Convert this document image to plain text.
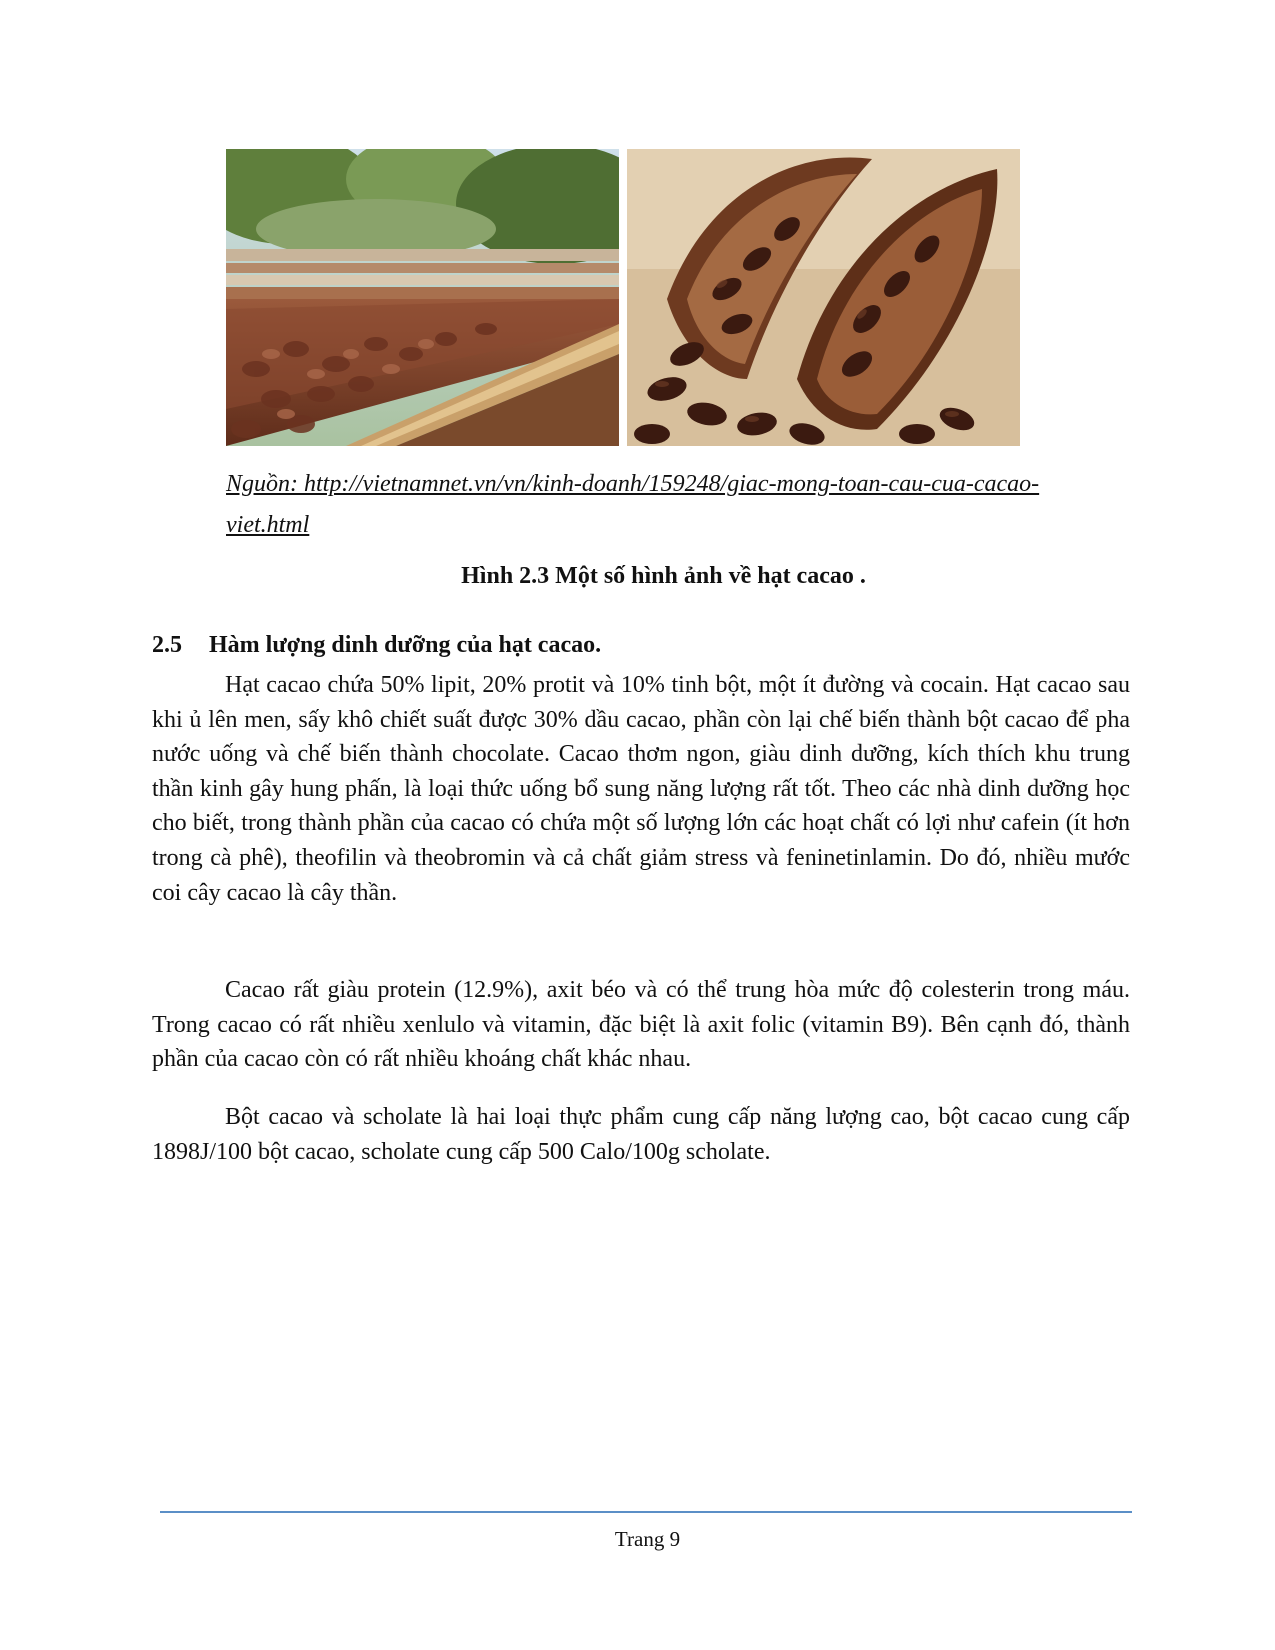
Nguồn: http://vietnamnet.vn/vn/kinh-doanh/159248/giac-mong-toan-cau-cua-cacao-viet.html
Hình 2.3 Một số hình ảnh về hạt cacao .
2.5 Hàm lượng dinh dưỡng của hạt cacao.

Hạt cacao chứa 50% lipit, 20% protit và 10% tinh bột, một ít đường và cocain. Hạt cacao sau khi ủ lên men, sấy khô chiết suất được 30% dầu cacao, phần còn lại chế biến thành bột cacao để pha nước uống và chế biến thành chocolate. Cacao thơm ngon, giàu dinh dưỡng, kích thích khu trung thần kinh gây hung phấn, là loại thức uống bổ sung năng lượng rất tốt. Theo các nhà dinh dưỡng học cho biết, trong thành phần của cacao có chứa một số lượng lớn các hoạt chất có lợi như cafein (ít hơn trong cà phê), theofilin và theobromin và cả chất giảm stress và feninetinlamin. Do đó, nhiều mước coi cây cacao là cây thần.

Cacao rất giàu protein (12.9%), axit béo và có thể trung hòa mức độ colesterin trong máu. Trong cacao có rất nhiều xenlulo và vitamin, đặc biệt là axit folic (vitamin B9). Bên cạnh đó, thành phần của cacao còn có rất nhiều khoáng chất khác nhau.

Bột cacao và scholate là hai loại thực phẩm cung cấp năng lượng cao, bột cacao cung cấp 1898J/100 bột cacao, scholate cung cấp 500 Calo/100g scholate.

Trang 9
